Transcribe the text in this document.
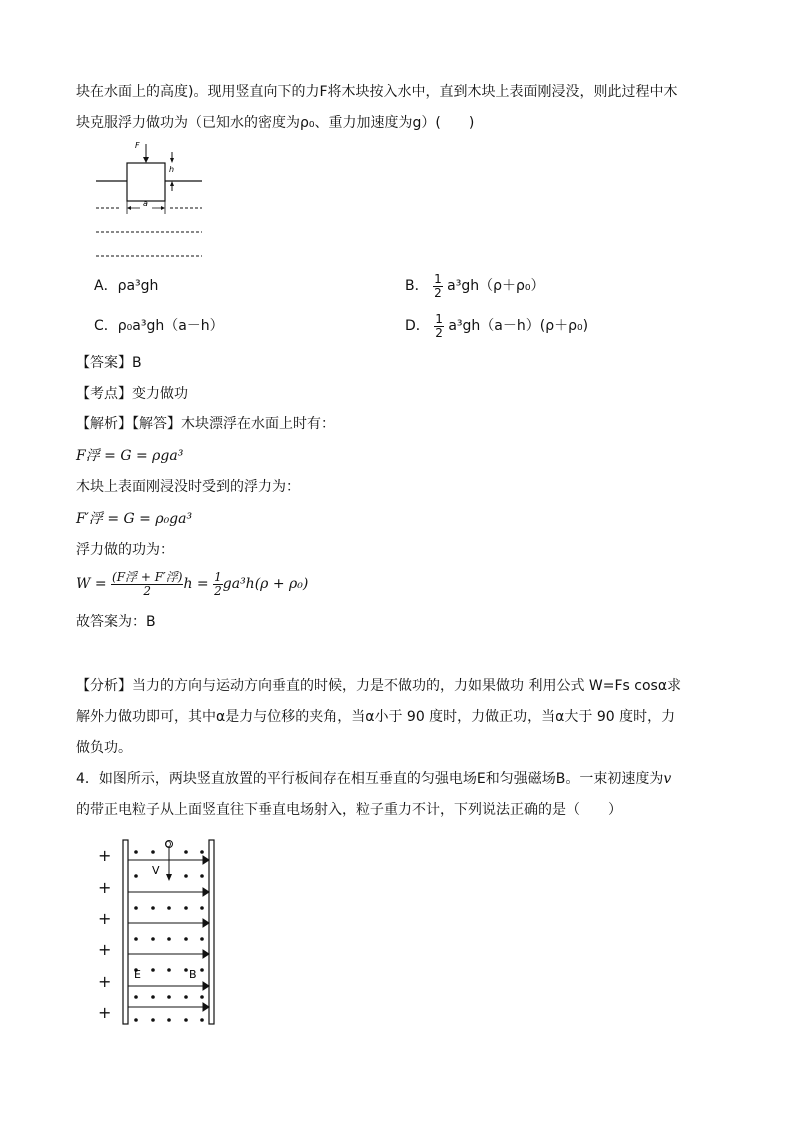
块在水面上的高度)。现用竖直向下的力F将木块按入水中，直到木块上表面刚浸没，则此过程中木
块克服浮力做功为（已知水的密度为ρ₀、重力加速度为g）(　　)
F
h
a
A．ρa³gh	B． $\frac{1}{2} a^3gh(\rho+\rho_0)$
C．ρ₀a³gh（a－h）	D． $\frac{1}{2} a^3gh(a-h)(\rho+\rho_0)$
【答案】B
【考点】变力做功
【解析】【解答】木块漂浮在水面上时有：
F浮 = G = ρga³
木块上表面刚浸没时受到的浮力为：
F′浮 = G = ρ₀ga³
浮力做的功为：
$W = \frac{\text{(F浮 + F′浮)}}{2}$ $h = \frac{1}{2} ga^3h(\rho + \rho_0)$
故答案为：B
【分析】当力的方向与运动方向垂直的时候，力是不做功的，力如果做功 利用公式 W=Fs cosα求
解外力做功即可，其中α是力与位移的夹角，当α小于 90 度时，力做正功，当α大于 90 度时，力
做负功。
4．如图所示，两块竖直放置的平行板间存在相互垂直的匀强电场E和匀强磁场B。一束初速度为v
的带正电粒子从上面竖直往下垂直电场射入，粒子重力不计，下列说法正确的是（　　）
+
+
+
+
+
+
O
V
E	B
